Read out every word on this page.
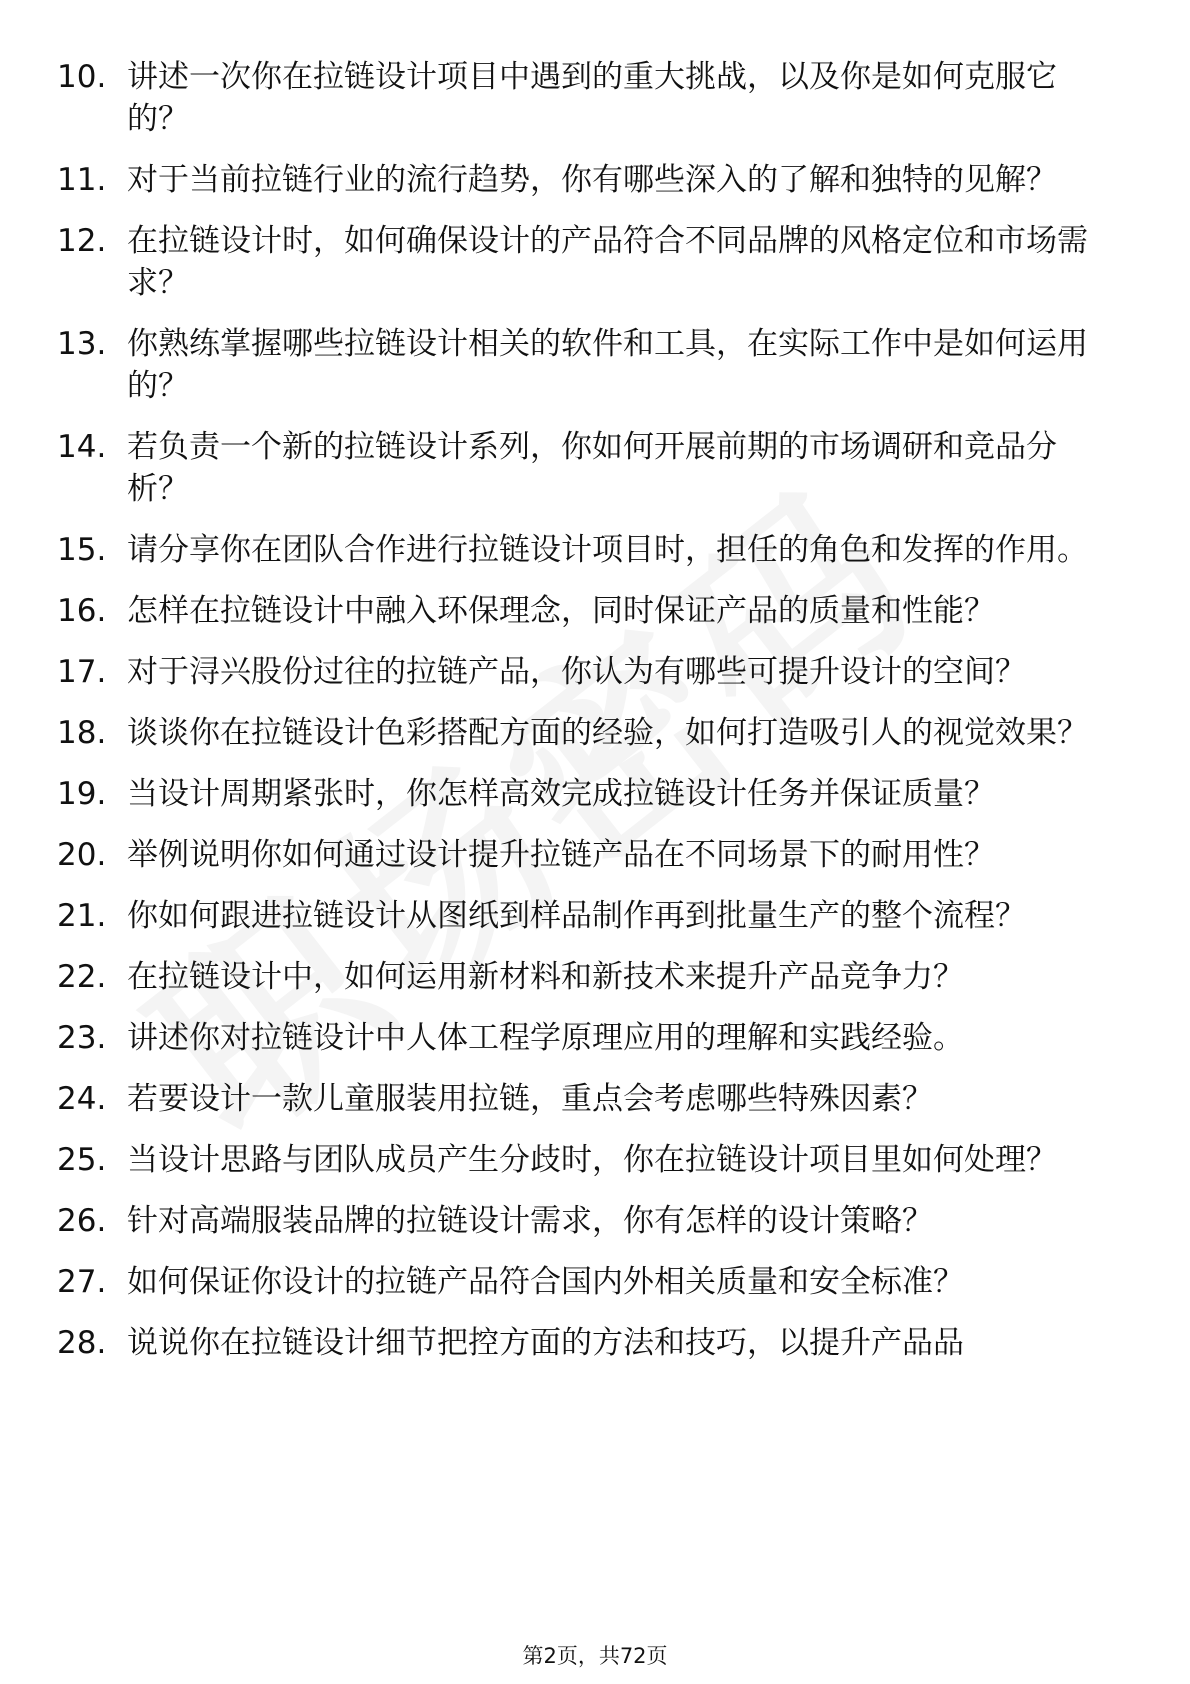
10. 讲述一次你在拉链设计项目中遇到的重大挑战，以及你是如何克服它的？
11. 对于当前拉链行业的流行趋势，你有哪些深入的了解和独特的见解？
12. 在拉链设计时，如何确保设计的产品符合不同品牌的风格定位和市场需求？
13. 你熟练掌握哪些拉链设计相关的软件和工具，在实际工作中是如何运用的？
14. 若负责一个新的拉链设计系列，你如何开展前期的市场调研和竞品分析？
15. 请分享你在团队合作进行拉链设计项目时，担任的角色和发挥的作用。
16. 怎样在拉链设计中融入环保理念，同时保证产品的质量和性能？
17. 对于浔兴股份过往的拉链产品，你认为有哪些可提升设计的空间？
18. 谈谈你在拉链设计色彩搭配方面的经验，如何打造吸引人的视觉效果？
19. 当设计周期紧张时，你怎样高效完成拉链设计任务并保证质量？
20. 举例说明你如何通过设计提升拉链产品在不同场景下的耐用性？
21. 你如何跟进拉链设计从图纸到样品制作再到批量生产的整个流程？
22. 在拉链设计中，如何运用新材料和新技术来提升产品竞争力？
23. 讲述你对拉链设计中人体工程学原理应用的理解和实践经验。
24. 若要设计一款儿童服装用拉链，重点会考虑哪些特殊因素？
25. 当设计思路与团队成员产生分歧时，你在拉链设计项目里如何处理？
26. 针对高端服装品牌的拉链设计需求，你有怎样的设计策略？
27. 如何保证你设计的拉链产品符合国内外相关质量和安全标准？
28. 说说你在拉链设计细节把控方面的方法和技巧，以提升产品品
第2页，共72页
